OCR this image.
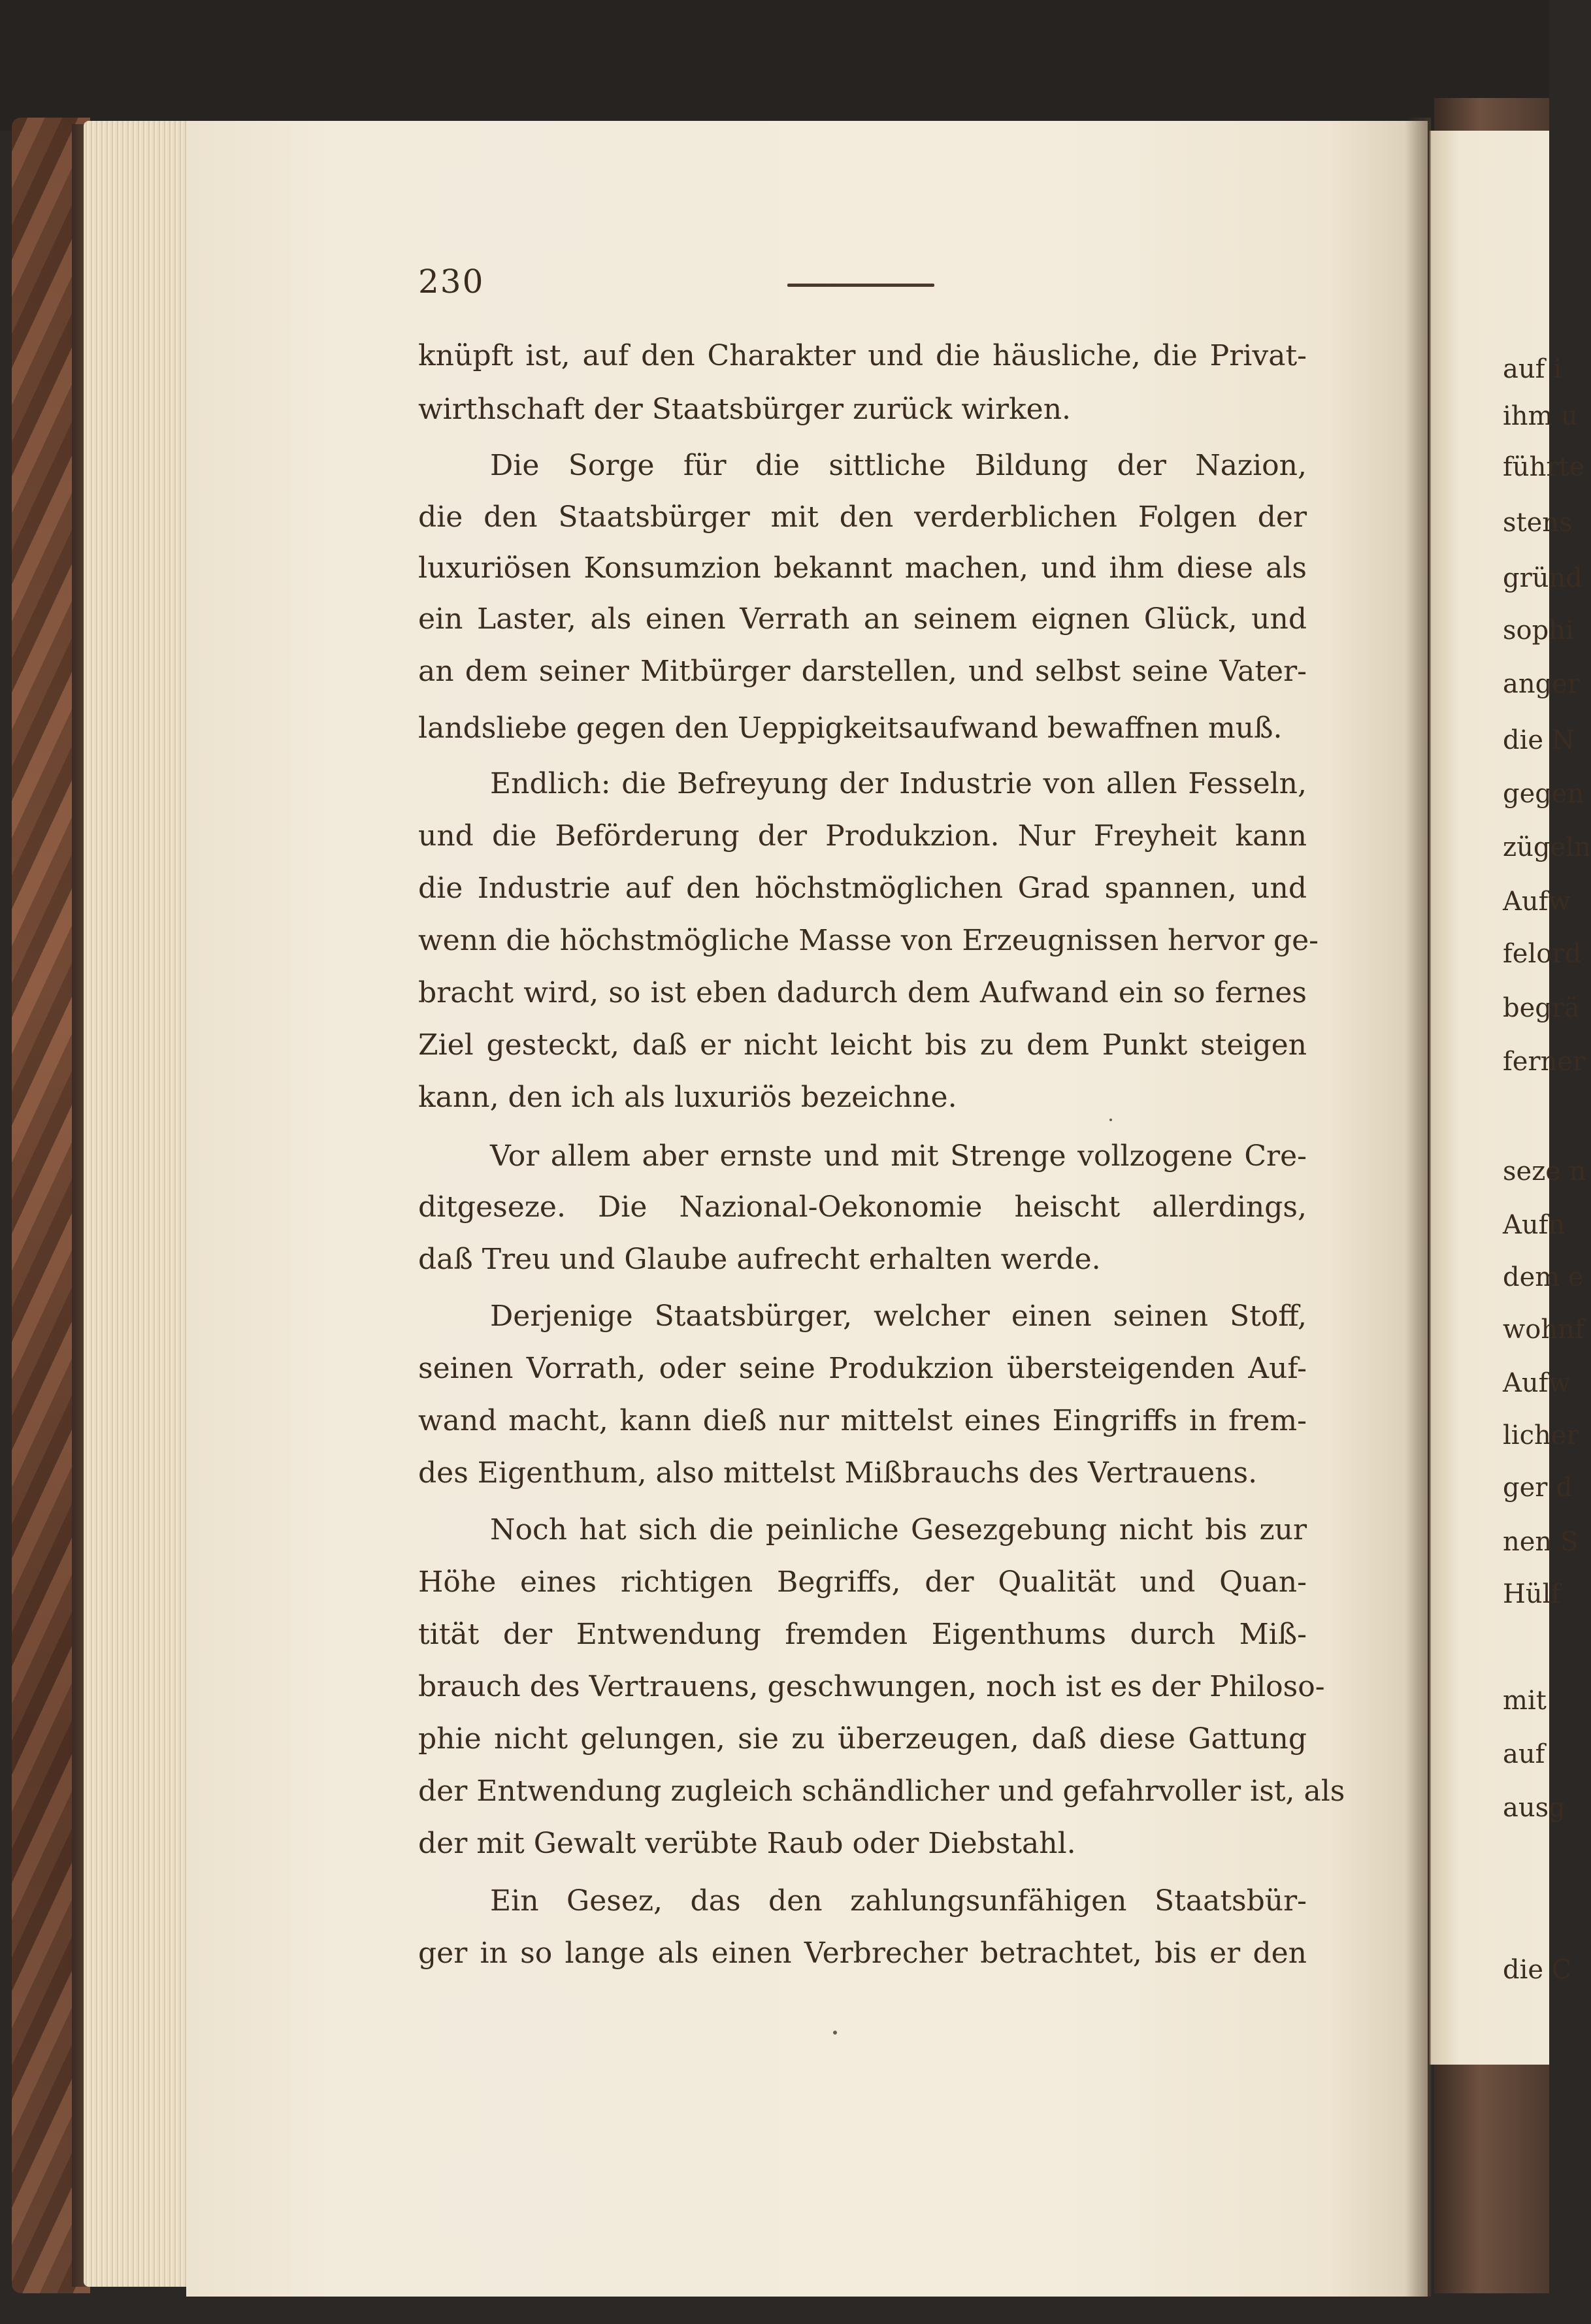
230
knüpft ist, auf den Charakter und die häusliche, die Privat-
wirthschaft der Staatsbürger zurück wirken.
Die Sorge für die sittliche Bildung der Nazion,
die den Staatsbürger mit den verderblichen Folgen der
luxuriösen Konsumzion bekannt machen, und ihm diese als
ein Laster, als einen Verrath an seinem eignen Glück, und
an dem seiner Mitbürger darstellen, und selbst seine Vater-
landsliebe gegen den Ueppigkeitsaufwand bewaffnen muß.
Endlich: die Befreyung der Industrie von allen Fesseln,
und die Beförderung der Produkzion. Nur Freyheit kann
die Industrie auf den höchstmöglichen Grad spannen, und
wenn die höchstmögliche Masse von Erzeugnissen hervor ge-
bracht wird, so ist eben dadurch dem Aufwand ein so fernes
Ziel gesteckt, daß er nicht leicht bis zu dem Punkt steigen
kann, den ich als luxuriös bezeichne.
Vor allem aber ernste und mit Strenge vollzogene Cre-
ditgeseze. Die Nazional-Oekonomie heischt allerdings,
daß Treu und Glaube aufrecht erhalten werde.
Derjenige Staatsbürger, welcher einen seinen Stoff,
seinen Vorrath, oder seine Produkzion übersteigenden Auf-
wand macht, kann dieß nur mittelst eines Eingriffs in frem-
des Eigenthum, also mittelst Mißbrauchs des Vertrauens.
Noch hat sich die peinliche Gesezgebung nicht bis zur
Höhe eines richtigen Begriffs, der Qualität und Quan-
tität der Entwendung fremden Eigenthums durch Miß-
brauch des Vertrauens, geschwungen, noch ist es der Philoso-
phie nicht gelungen, sie zu überzeugen, daß diese Gattung
der Entwendung zugleich schändlicher und gefahrvoller ist, als
der mit Gewalt verübte Raub oder Diebstahl.
Ein Gesez, das den zahlungsunfähigen Staatsbür-
ger in so lange als einen Verbrecher betrachtet, bis er den
auf i
ihm u
führte
stens
gründ
sophi
anger
die N
gegen
zügeln
Aufw
felord
begrä
ferner
seze n
Aufn
dem e
wohnf
Aufw
licher
ger d
nen S
Hülf
mit
auf
ausg
die C
